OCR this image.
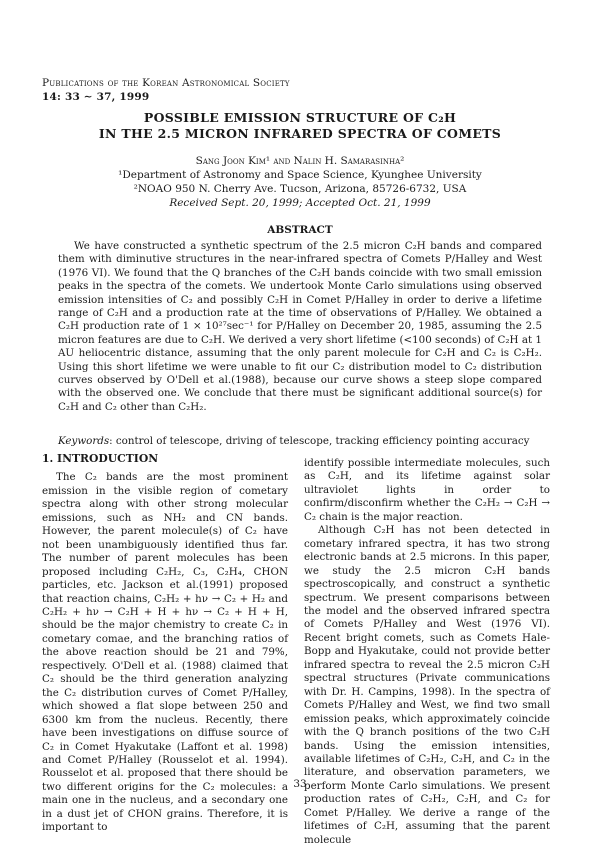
Publications of the Korean Astronomical Society
14: 33 ∼ 37, 1999
POSSIBLE EMISSION STRUCTURE OF C₂H
IN THE 2.5 MICRON INFRARED SPECTRA OF COMETS
Sang Joon Kim¹ and Nalin H. Samarasinha²
¹Department of Astronomy and Space Science, Kyunghee University
²NOAO 950 N. Cherry Ave. Tucson, Arizona, 85726-6732, USA
Received Sept. 20, 1999; Accepted Oct. 21, 1999
ABSTRACT

We have constructed a synthetic spectrum of the 2.5 micron C₂H bands and compared them with diminutive structures in the near-infrared spectra of Comets P/Halley and West (1976 VI). We found that the Q branches of the C₂H bands coincide with two small emission peaks in the spectra of the comets. We undertook Monte Carlo simulations using observed emission intensities of C₂ and possibly C₂H in Comet P/Halley in order to derive a lifetime range of C₂H and a production rate at the time of observations of P/Halley. We obtained a C₂H production rate of 1 × 10²⁷sec⁻¹ for P/Halley on December 20, 1985, assuming the 2.5 micron features are due to C₂H. We derived a very short lifetime (<100 seconds) of C₂H at 1 AU heliocentric distance, assuming that the only parent molecule for C₂H and C₂ is C₂H₂. Using this short lifetime we were unable to fit our C₂ distribution model to C₂ distribution curves observed by O'Dell et al.(1988), because our curve shows a steep slope compared with the observed one. We conclude that there must be significant additional source(s) for C₂H and C₂ other than C₂H₂.

Keywords: control of telescope, driving of telescope, tracking efficiency pointing accuracy
1. INTRODUCTION

The C₂ bands are the most prominent emission in the visible region of cometary spectra along with other strong molecular emissions, such as NH₂ and CN bands. However, the parent molecule(s) of C₂ have not been unambiguously identified thus far. The number of parent molecules has been proposed including C₂H₂, C₃, C₂H₄, CHON particles, etc. Jackson et al.(1991) proposed that reaction chains, C₂H₂ + hν → C₂ + H₂ and C₂H₂ + hν → C₂H + H + hν → C₂ + H + H, should be the major chemistry to create C₂ in cometary comae, and the branching ratios of the above reaction should be 21 and 79%, respectively. O'Dell et al. (1988) claimed that C₂ should be the third generation analyzing the C₂ distribution curves of Comet P/Halley, which showed a flat slope between 250 and 6300 km from the nucleus. Recently, there have been investigations on diffuse source of C₂ in Comet Hyakutake (Laffont et al. 1998) and Comet P/Halley (Rousselot et al. 1994). Rousselot et al. proposed that there should be two different origins for the C₂ molecules: a main one in the nucleus, and a secondary one in a dust jet of CHON grains. Therefore, it is important to

identify possible intermediate molecules, such as C₂H, and its lifetime against solar ultraviolet lights in order to confirm/disconfirm whether the C₂H₂ → C₂H → C₂ chain is the major reaction.

Although C₂H has not been detected in cometary infrared spectra, it has two strong electronic bands at 2.5 microns. In this paper, we study the 2.5 micron C₂H bands spectroscopically, and construct a synthetic spectrum. We present comparisons between the model and the observed infrared spectra of Comets P/Halley and West (1976 VI). Recent bright comets, such as Comets Hale-Bopp and Hyakutake, could not provide better infrared spectra to reveal the 2.5 micron C₂H spectral structures (Private communications with Dr. H. Campins, 1998). In the spectra of Comets P/Halley and West, we find two small emission peaks, which approximately coincide with the Q branch positions of the two C₂H bands. Using the emission intensities, available lifetimes of C₂H₂, C₂H, and C₂ in the literature, and observation parameters, we perform Monte Carlo simulations. We present production rates of C₂H₂, C₂H, and C₂ for Comet P/Halley. We derive a range of the lifetimes of C₂H, assuming that the parent molecule

33
